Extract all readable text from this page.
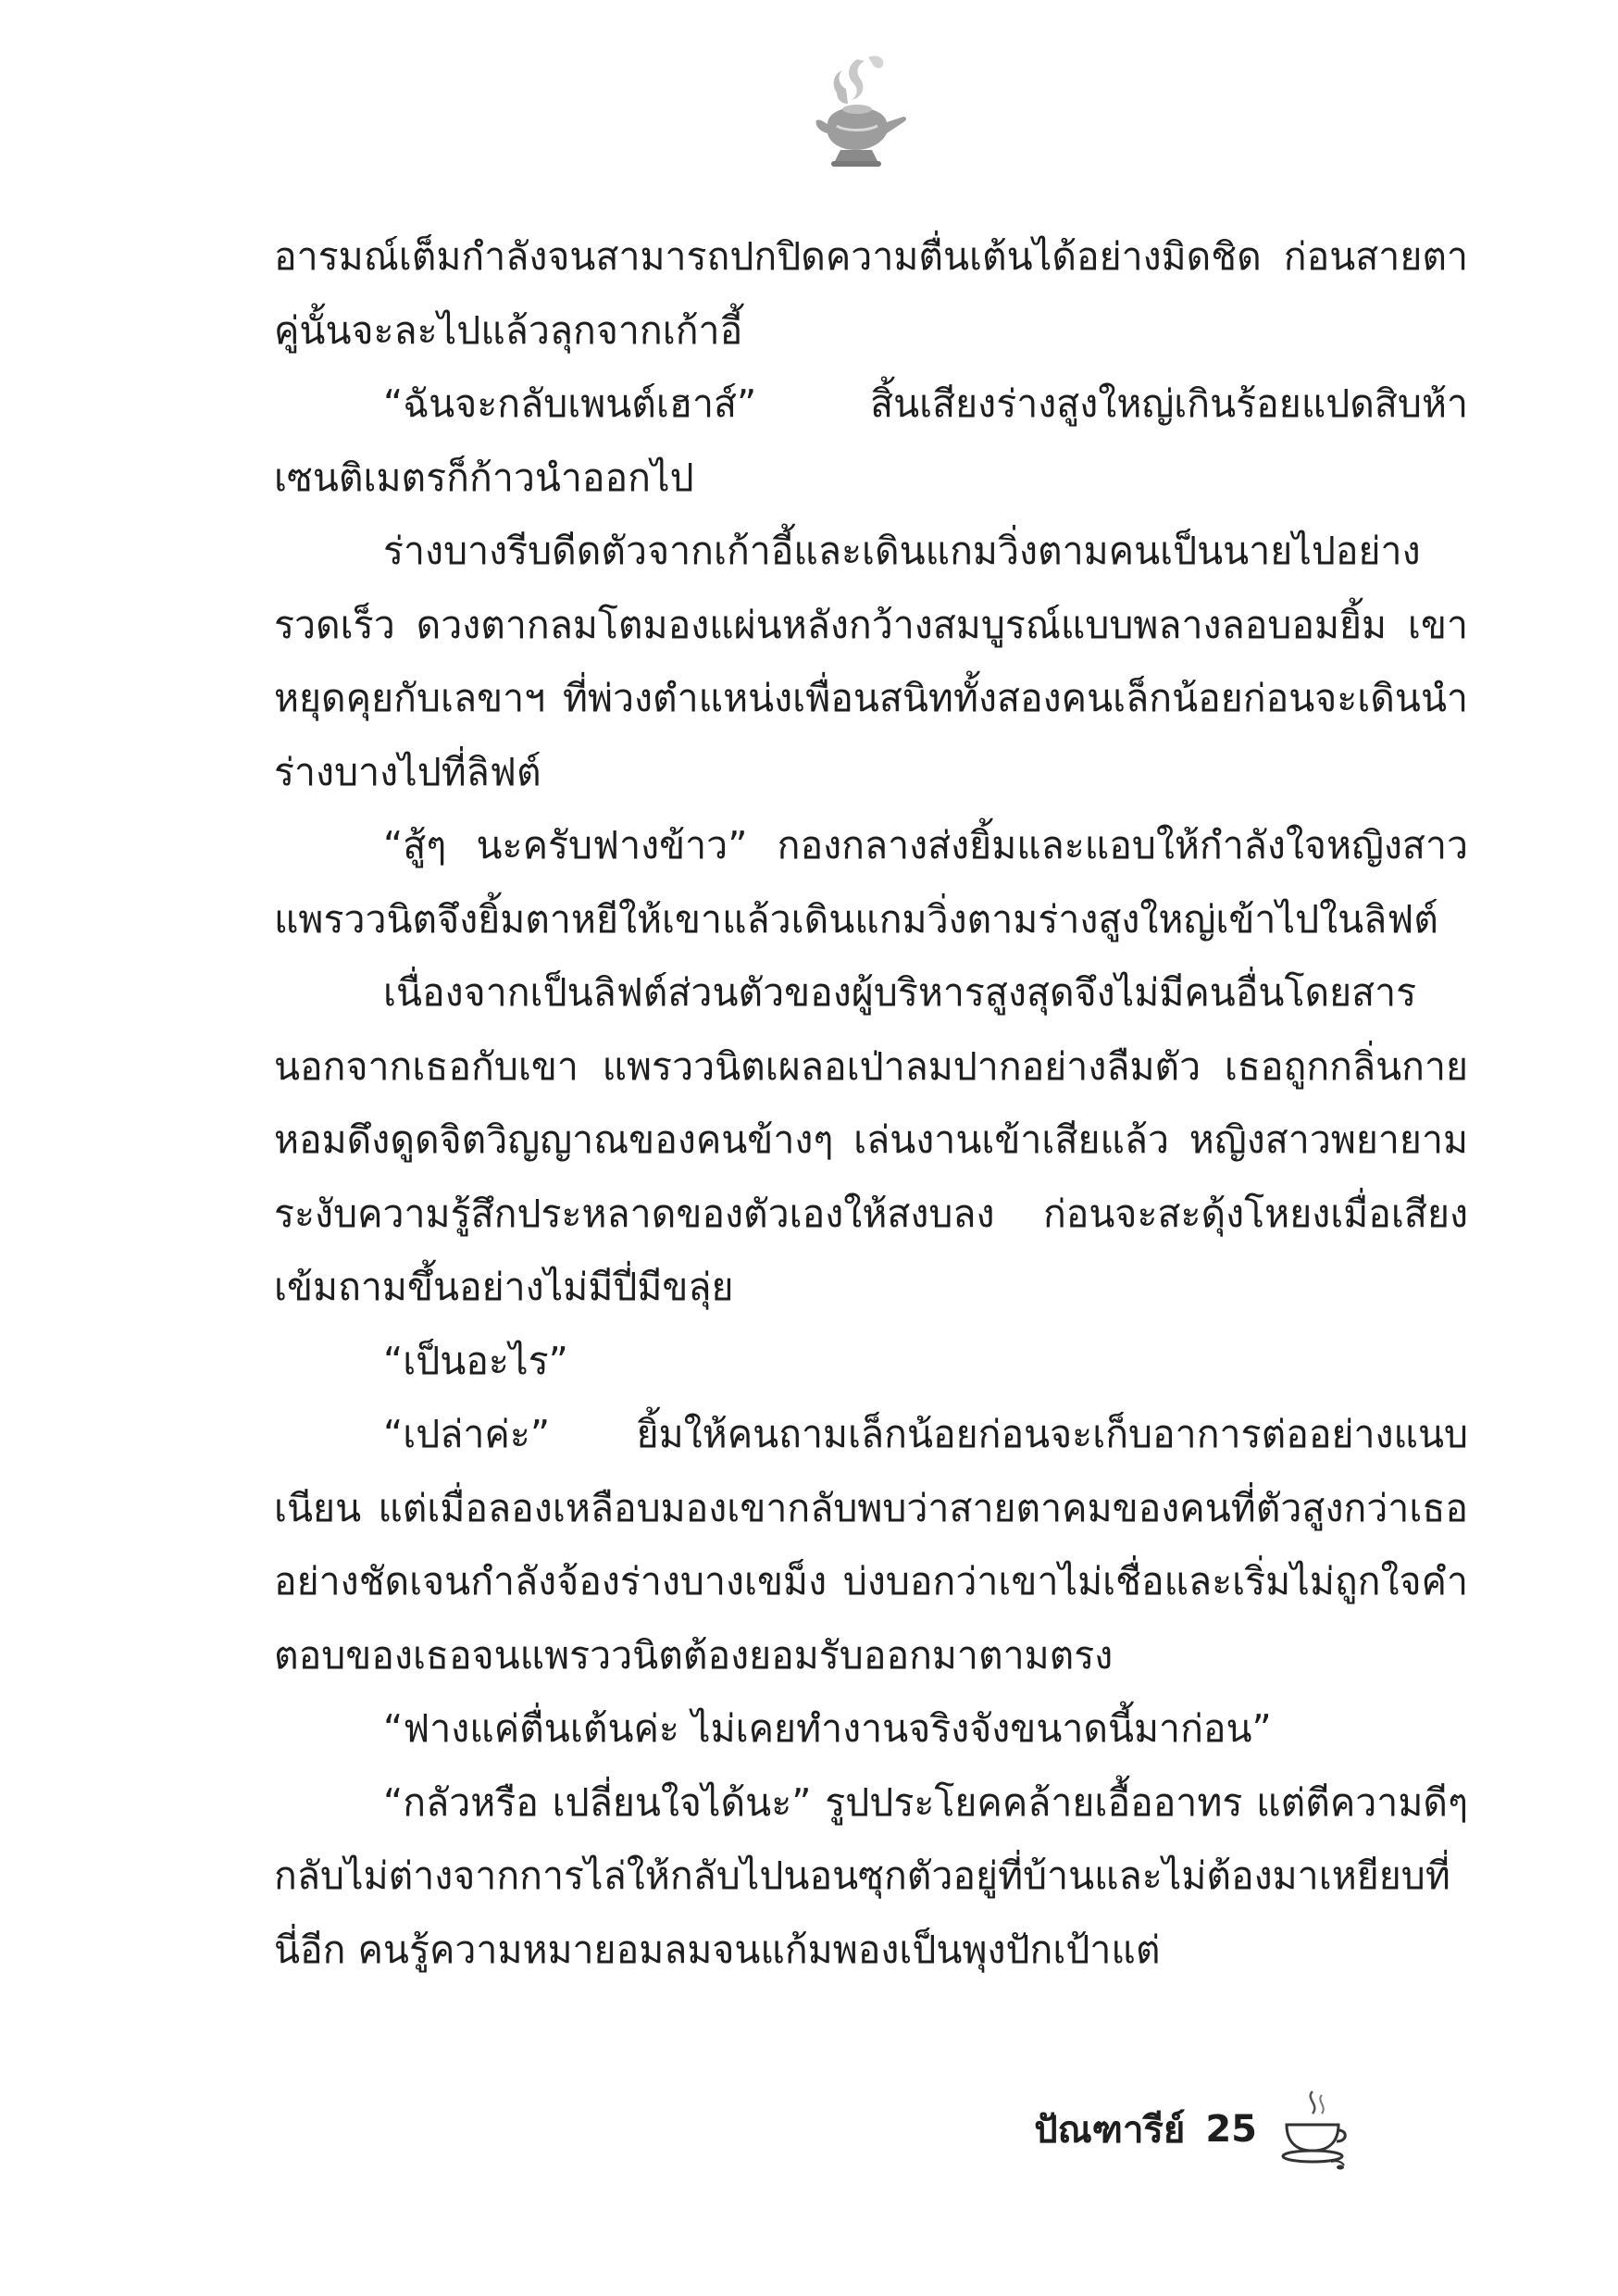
อารมณ์เต็มกำลังจนสามารถปกปิดความตื่นเต้นได้อย่างมิดชิด ก่อนสายตาคู่นั้นจะละไปแล้วลุกจากเก้าอี้

“ฉันจะกลับเพนต์เฮาส์” สิ้นเสียงร่างสูงใหญ่เกินร้อยแปดสิบห้าเซนติเมตรก็ก้าวนำออกไป

ร่างบางรีบดีดตัวจากเก้าอี้และเดินแกมวิ่งตามคนเป็นนายไปอย่างรวดเร็ว ดวงตากลมโตมองแผ่นหลังกว้างสมบูรณ์แบบพลางลอบอมยิ้ม เขาหยุดคุยกับเลขาฯ ที่พ่วงตำแหน่งเพื่อนสนิททั้งสองคนเล็กน้อยก่อนจะเดินนำร่างบางไปที่ลิฟต์

“สู้ๆ นะครับฟางข้าว” กองกลางส่งยิ้มและแอบให้กำลังใจหญิงสาว แพรววนิตจึงยิ้มตาหยีให้เขาแล้วเดินแกมวิ่งตามร่างสูงใหญ่เข้าไปในลิฟต์

เนื่องจากเป็นลิฟต์ส่วนตัวของผู้บริหารสูงสุดจึงไม่มีคนอื่นโดยสารนอกจากเธอกับเขา แพรววนิตเผลอเป่าลมปากอย่างลืมตัว เธอถูกกลิ่นกายหอมดึงดูดจิตวิญญาณของคนข้างๆ เล่นงานเข้าเสียแล้ว หญิงสาวพยายามระงับความรู้สึกประหลาดของตัวเองให้สงบลง ก่อนจะสะดุ้งโหยงเมื่อเสียงเข้มถามขึ้นอย่างไม่มีปี่มีขลุ่ย

“เป็นอะไร”

“เปล่าค่ะ” ยิ้มให้คนถามเล็กน้อยก่อนจะเก็บอาการต่ออย่างแนบเนียน แต่เมื่อลองเหลือบมองเขากลับพบว่าสายตาคมของคนที่ตัวสูงกว่าเธออย่างชัดเจนกำลังจ้องร่างบางเขม็ง บ่งบอกว่าเขาไม่เชื่อและเริ่มไม่ถูกใจคำตอบของเธอจนแพรววนิตต้องยอมรับออกมาตามตรง

“ฟางแค่ตื่นเต้นค่ะ ไม่เคยทำงานจริงจังขนาดนี้มาก่อน”

“กลัวหรือ เปลี่ยนใจได้นะ” รูปประโยคคล้ายเอื้ออาทร แต่ตีความดีๆ กลับไม่ต่างจากการไล่ให้กลับไปนอนซุกตัวอยู่ที่บ้านและไม่ต้องมาเหยียบที่นี่อีก คนรู้ความหมายอมลมจนแก้มพองเป็นพุงปักเป้าแต่

ปัณฑารีย์ 25
